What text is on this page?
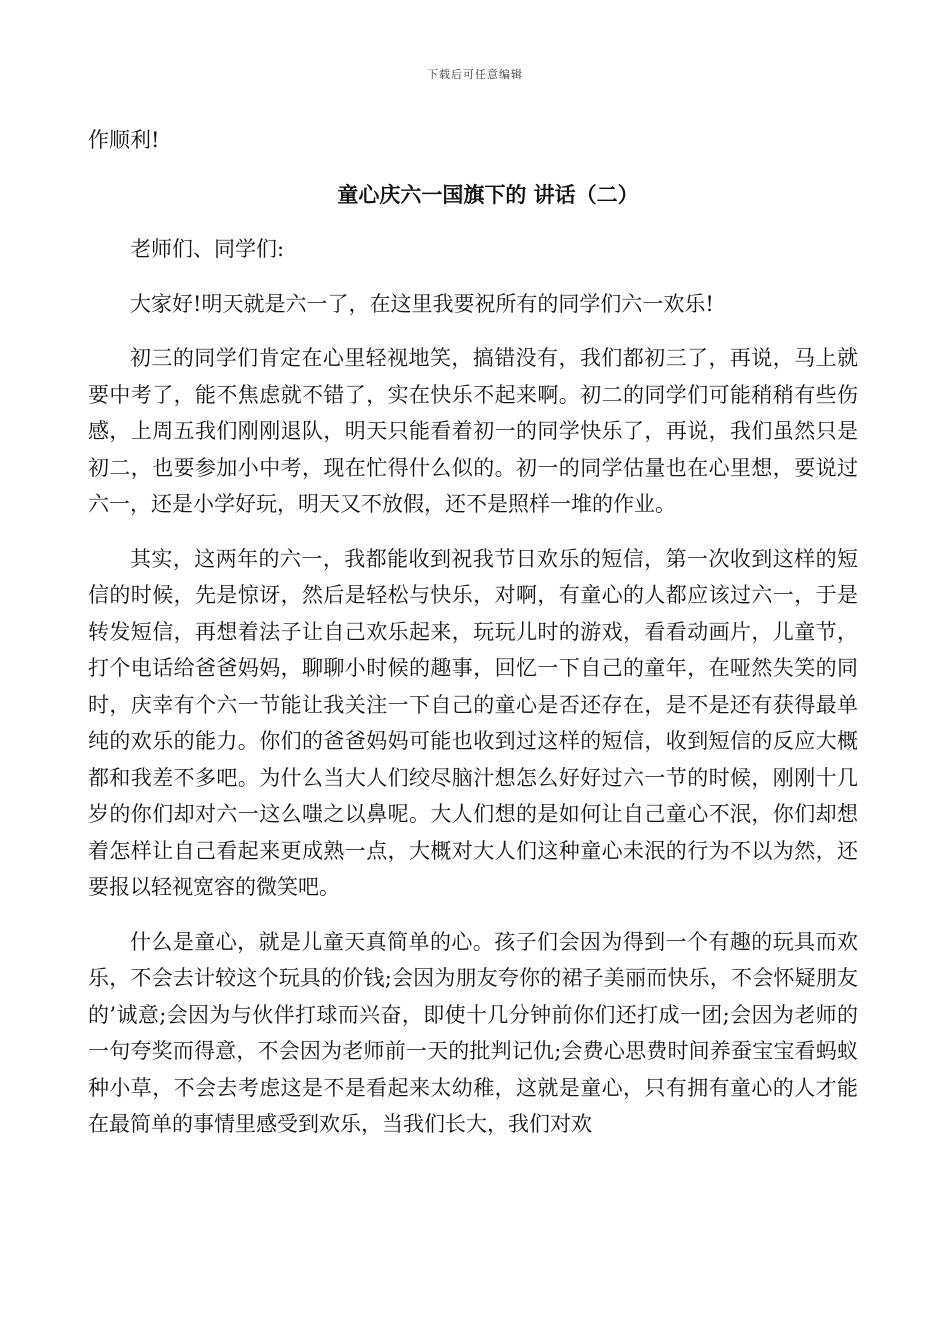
下载后可任意编辑

作顺利!

童心庆六一国旗下的 讲话（二）

老师们、同学们:

大家好!明天就是六一了，在这里我要祝所有的同学们六一欢乐!

初三的同学们肯定在心里轻视地笑，搞错没有，我们都初三了，再说，马上就要中考了，能不焦虑就不错了，实在快乐不起来啊。初二的同学们可能稍稍有些伤感，上周五我们刚刚退队，明天只能看着初一的同学快乐了，再说，我们虽然只是初二，也要参加小中考，现在忙得什么似的。初一的同学估量也在心里想，要说过六一，还是小学好玩，明天又不放假，还不是照样一堆的作业。

其实，这两年的六一，我都能收到祝我节日欢乐的短信，第一次收到这样的短信的时候，先是惊讶，然后是轻松与快乐，对啊，有童心的人都应该过六一，于是转发短信，再想着法子让自己欢乐起来，玩玩儿时的游戏，看看动画片，儿童节，打个电话给爸爸妈妈，聊聊小时候的趣事，回忆一下自己的童年，在哑然失笑的同时，庆幸有个六一节能让我关注一下自己的童心是否还存在，是不是还有获得最单纯的欢乐的能力。你们的爸爸妈妈可能也收到过这样的短信，收到短信的反应大概都和我差不多吧。为什么当大人们绞尽脑汁想怎么好好过六一节的时候，刚刚十几岁的你们却对六一这么嗤之以鼻呢。大人们想的是如何让自己童心不泯，你们却想着怎样让自己看起来更成熟一点，大概对大人们这种童心未泯的行为不以为然，还要报以轻视宽容的微笑吧。

什么是童心，就是儿童天真简单的心。孩子们会因为得到一个有趣的玩具而欢乐，不会去计较这个玩具的价钱;会因为朋友夸你的裙子美丽而快乐，不会怀疑朋友的’诚意;会因为与伙伴打球而兴奋，即使十几分钟前你们还打成一团;会因为老师的一句夸奖而得意，不会因为老师前一天的批判记仇;会费心思费时间养蚕宝宝看蚂蚁种小草，不会去考虑这是不是看起来太幼稚，这就是童心，只有拥有童心的人才能在最简单的事情里感受到欢乐，当我们长大，我们对欢
